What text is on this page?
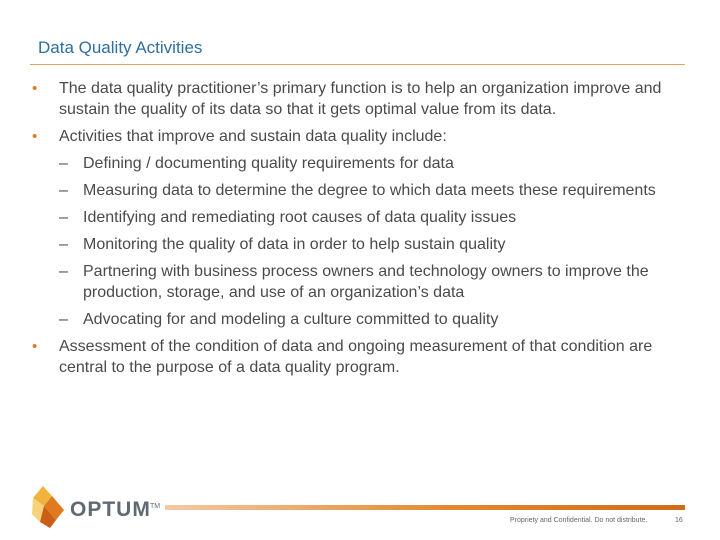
Data Quality Activities
• The data quality practitioner’s primary function is to help an organization improve and sustain the quality of its data so that it gets optimal value from its data.
• Activities that improve and sustain data quality include:
– Defining / documenting quality requirements for data
– Measuring data to determine the degree to which data meets these requirements
– Identifying and remediating root causes of data quality issues
– Monitoring the quality of data in order to help sustain quality
– Partnering with business process owners and technology owners to improve the production, storage, and use of an organization’s data
– Advocating for and modeling a culture committed to quality
• Assessment of the condition of data and ongoing measurement of that condition are central to the purpose of a data quality program.
OPTUM TM
Propriety and Confidential. Do not distribute.	16
